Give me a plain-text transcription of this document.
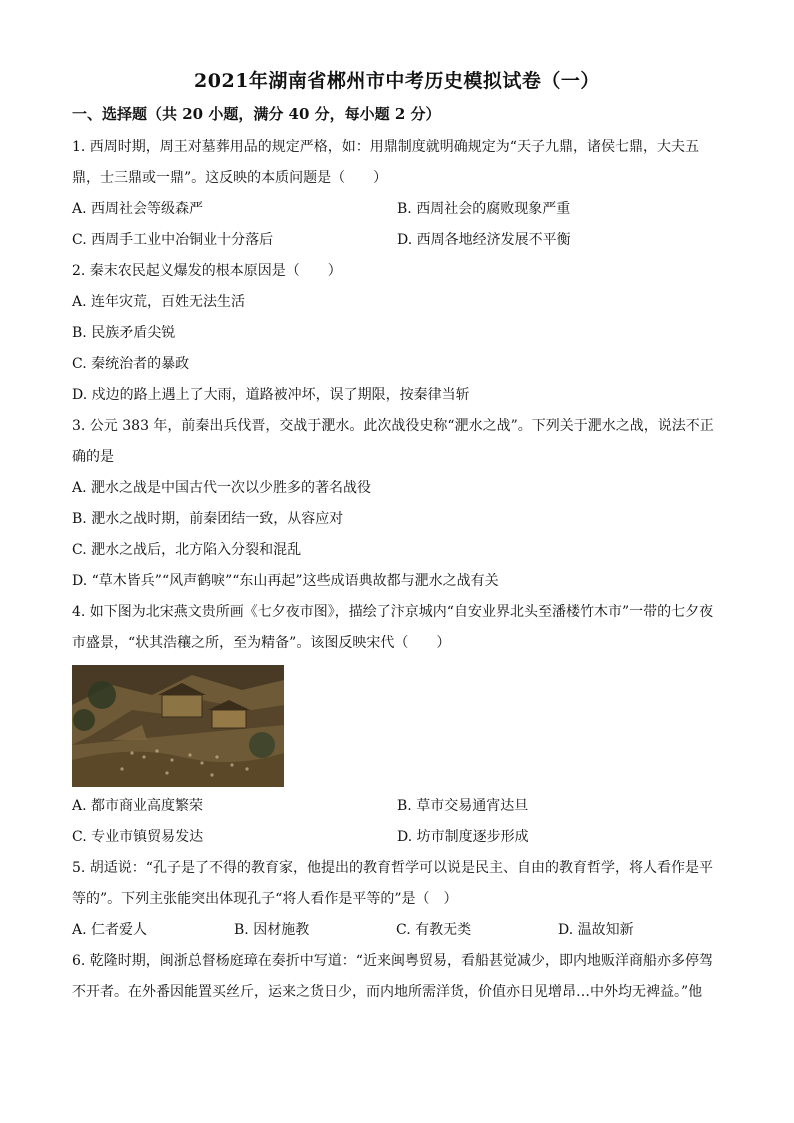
2021年湖南省郴州市中考历史模拟试卷（一）
一、选择题（共 20 小题，满分 40 分，每小题 2 分）

1. 西周时期，周王对墓葬用品的规定严格，如：用鼎制度就明确规定为“天子九鼎，诸侯七鼎，大夫五鼎，士三鼎或一鼎”。这反映的本质问题是（　　）

A. 西周社会等级森严	B. 西周社会的腐败现象严重
C. 西周手工业中冶铜业十分落后	D. 西周各地经济发展不平衡

2. 秦末农民起义爆发的根本原因是（　　）

A. 连年灾荒，百姓无法生活
B. 民族矛盾尖锐
C. 秦统治者的暴政
D. 戍边的路上遇上了大雨，道路被冲坏，误了期限，按秦律当斩

3. 公元 383 年，前秦出兵伐晋，交战于淝水。此次战役史称“淝水之战”。下列关于淝水之战，说法不正确的是

A. 淝水之战是中国古代一次以少胜多的著名战役
B. 淝水之战时期，前秦团结一致，从容应对
C. 淝水之战后，北方陷入分裂和混乱
D. “草木皆兵”“风声鹤唳”“东山再起”这些成语典故都与淝水之战有关

4. 如下图为北宋燕文贵所画《七夕夜市图》，描绘了汴京城内“自安业界北头至潘楼竹木市”一带的七夕夜市盛景，“状其浩穰之所，至为精备”。该图反映宋代（　　）

A. 都市商业高度繁荣	B. 草市交易通宵达旦
C. 专业市镇贸易发达	D. 坊市制度逐步形成

5. 胡适说：“孔子是了不得的教育家，他提出的教育哲学可以说是民主、自由的教育哲学，将人看作是平等的”。下列主张能突出体现孔子“将人看作是平等的”是（　）

A. 仁者爱人	B. 因材施教	C. 有教无类	D. 温故知新

6. 乾隆时期，闽浙总督杨庭璋在奏折中写道：“近来闽粤贸易，看船甚觉减少，即内地贩洋商船亦多停驾不开者。在外番因能置买丝斤，运来之货日少，而内地所需洋货，价值亦日见增昂…中外均无裨益。”他
